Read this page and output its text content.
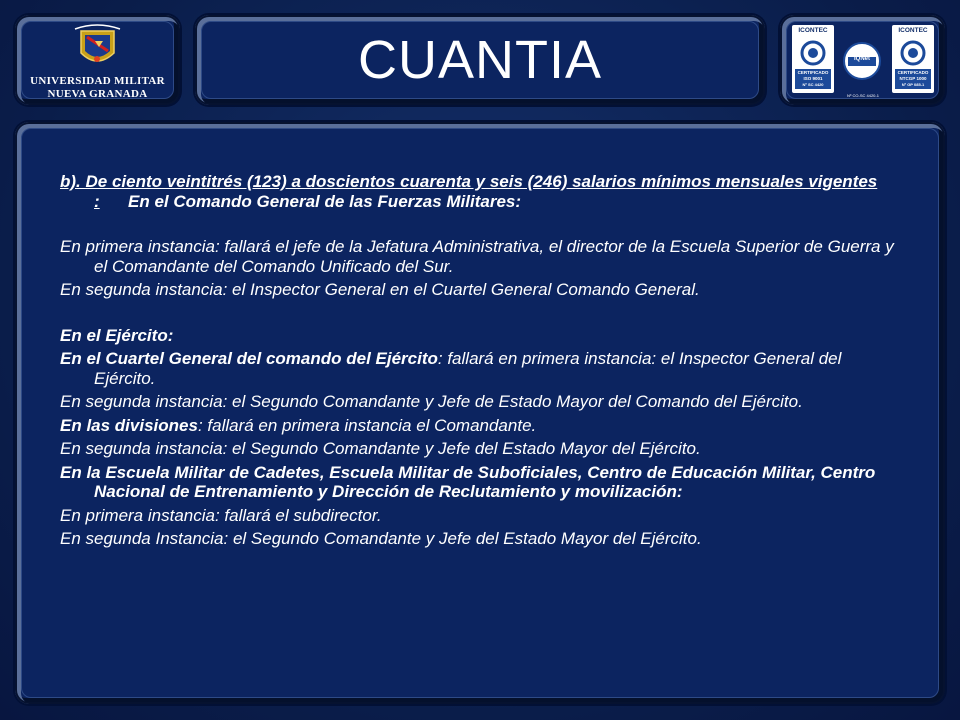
UNIVERSIDAD MILITAR
NUEVA GRANADA
CUANTIA	ICONTEC
CERTIFICADO
ISO 9001
Nº SC 4420
Nº CO-SC 4420-1
IQNet
ICONTEC
CERTIFICADO
NTCGP 1000
Nº GP 085-1

b). De ciento veintitrés (123) a doscientos cuarenta y seis (246) salarios mínimos mensuales vigentes : En el Comando General de las Fuerzas Militares:

En primera instancia: fallará el jefe de la Jefatura Administrativa, el director de la Escuela Superior de Guerra y el Comandante del Comando Unificado del Sur.

En segunda instancia: el Inspector General en el Cuartel General Comando General.

En el Ejército:

En el Cuartel General del comando del Ejército: fallará en primera instancia: el Inspector General del Ejército.

En segunda instancia: el Segundo Comandante y Jefe de Estado Mayor del Comando del Ejército.

En las divisiones: fallará en primera instancia el Comandante.

En segunda instancia: el Segundo Comandante y Jefe del Estado Mayor del Ejército.

En la Escuela Militar de Cadetes, Escuela Militar de Suboficiales, Centro de Educación Militar, Centro Nacional de Entrenamiento y Dirección de Reclutamiento y movilización:

En primera instancia: fallará el subdirector.

En segunda Instancia: el Segundo Comandante y Jefe del Estado Mayor del Ejército.
